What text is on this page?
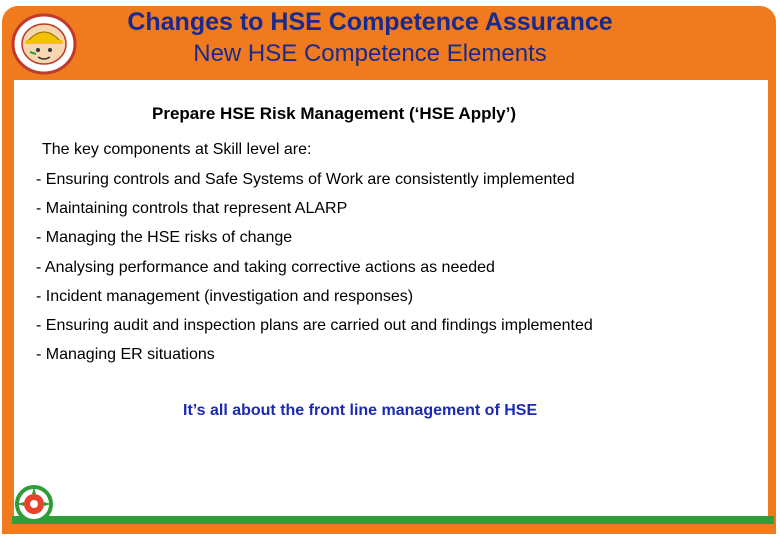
Changes to HSE Competence Assurance
New HSE Competence Elements
Prepare HSE Risk Management (‘HSE Apply’)
The key components at Skill level are:
- Ensuring controls and Safe Systems of Work are consistently implemented
- Maintaining controls that represent ALARP
- Managing the HSE risks of change
- Analysing performance and taking corrective actions as needed
- Incident management (investigation and responses)
- Ensuring audit and inspection plans are carried out and findings implemented
- Managing ER situations
It’s all about the front line management of HSE
